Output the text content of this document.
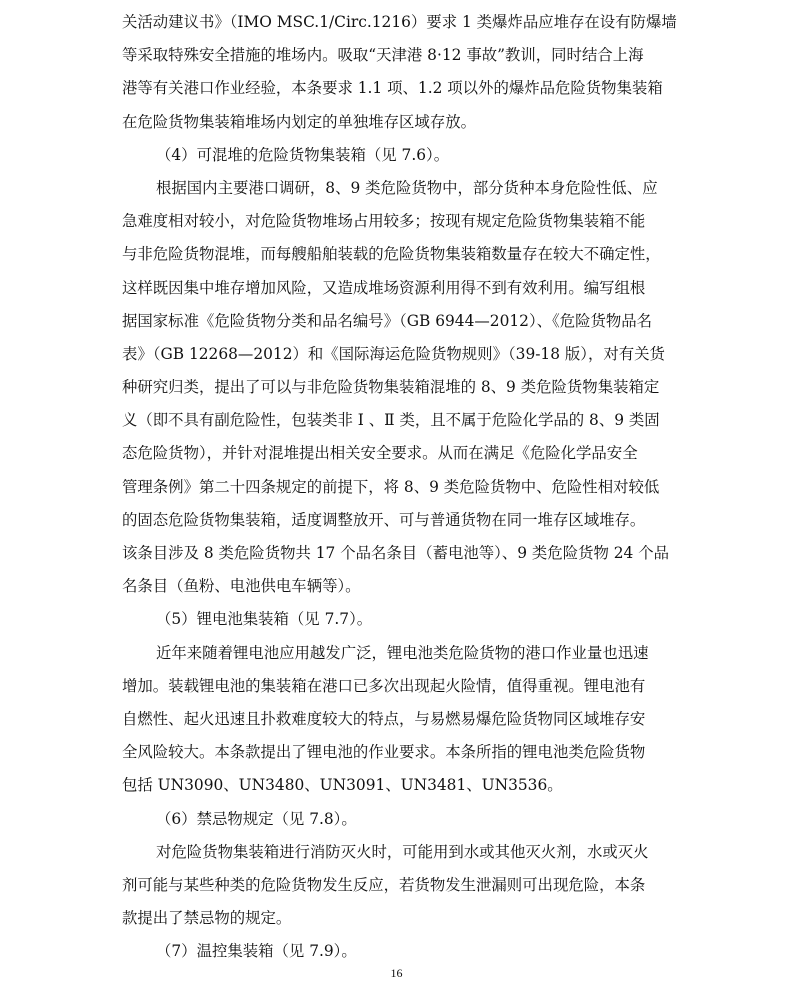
关活动建议书》（IMO MSC.1/Circ.1216）要求 1 类爆炸品应堆存在设有防爆墙
等采取特殊安全措施的堆场内。吸取“天津港 8·12 事故”教训，同时结合上海
港等有关港口作业经验，本条要求 1.1 项、1.2 项以外的爆炸品危险货物集装箱
在危险货物集装箱堆场内划定的单独堆存区域存放。
（4）可混堆的危险货物集装箱（见 7.6）。
根据国内主要港口调研，8、9 类危险货物中，部分货种本身危险性低、应
急难度相对较小，对危险货物堆场占用较多；按现有规定危险货物集装箱不能
与非危险货物混堆，而每艘船舶装载的危险货物集装箱数量存在较大不确定性，
这样既因集中堆存增加风险，又造成堆场资源利用得不到有效利用。编写组根
据国家标准《危险货物分类和品名编号》（GB 6944—2012）、《危险货物品名
表》（GB 12268—2012）和《国际海运危险货物规则》（39-18 版），对有关货
种研究归类，提出了可以与非危险货物集装箱混堆的 8、9 类危险货物集装箱定
义（即不具有副危险性，包装类非 Ⅰ 、Ⅱ 类，且不属于危险化学品的 8、9 类固
态危险货物），并针对混堆提出相关安全要求。从而在满足《危险化学品安全
管理条例》第二十四条规定的前提下，将 8、9 类危险货物中、危险性相对较低
的固态危险货物集装箱，适度调整放开、可与普通货物在同一堆存区域堆存。
该条目涉及 8 类危险货物共 17 个品名条目（蓄电池等）、9 类危险货物 24 个品
名条目（鱼粉、电池供电车辆等）。
（5）锂电池集装箱（见 7.7）。
近年来随着锂电池应用越发广泛，锂电池类危险货物的港口作业量也迅速
增加。装载锂电池的集装箱在港口已多次出现起火险情，值得重视。锂电池有
自燃性、起火迅速且扑救难度较大的特点，与易燃易爆危险货物同区域堆存安
全风险较大。本条款提出了锂电池的作业要求。本条所指的锂电池类危险货物
包括 UN3090、UN3480、UN3091、UN3481、UN3536。
（6）禁忌物规定（见 7.8）。
对危险货物集装箱进行消防灭火时，可能用到水或其他灭火剂，水或灭火
剂可能与某些种类的危险货物发生反应，若货物发生泄漏则可出现危险，本条
款提出了禁忌物的规定。
（7）温控集装箱（见 7.9）。
16
